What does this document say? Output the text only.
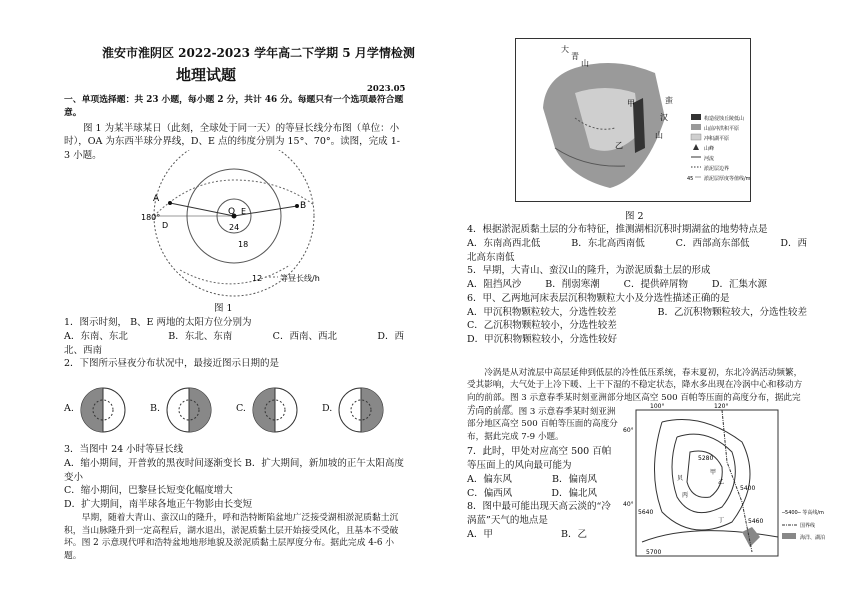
淮安市淮阴区 2022-2023 学年高二下学期 5 月学情检测
地理试题
2023.05

一、单项选择题：共 23 小题，每小题 2 分，共计 46 分。每题只有一个选项最符合题意。

图 1 为某半球某日（此刻，全球处于同一天）的等昼长线分布图（单位：小时），OA 为东西半球分界线，D、E 点的纬度分别为 15°、70°。读图，完成 1-3 小题。

A
B
O E
D
180°
24
18
12 等昼长线/h
图 1

1．图示时刻， B、E 两地的太阳方位分别为

A．东南、东北	B．东北、东南	C．西南、西北	D．西

北、西南

2．下图所示昼夜分布状况中，最接近图示日期的是

A.	B.	C.	D.

3．当图中 24 小时等昼长线

A．缩小期间，开普敦的黑夜时间逐渐变长 B．扩大期间，新加坡的正午太阳高度变小

C．缩小期间，巴黎昼长短变化幅度增大

D．扩大期间，南半球各地正午物影由长变短

早期，随着大青山、蛮汉山的隆升，呼和浩特断陷盆地广泛接受湖相淤泥质黏土沉积，当山脉隆升到一定高程后，湖水退出，淤泥质黏土层开始接受风化，且基本不受破坏。图 2 示意现代呼和浩特盆地地形地貌及淤泥质黏土层厚度分布。据此完成 4-6 小题。

大
青
山
蛮
汉
山
甲
乙
构造侵蚀丘陵低山
山前冲洪积平原
冲积湖平原
山峰
河流
淤泥层边界
45 淤泥层厚度等值线/m
图 2

4．根据淤泥质黏土层的分布特征，推测湖相沉积时期湖盆的地势特点是

A．东南高西北低	B．东北高西南低	C．西部高东部低	D．西

北高东南低

5．早期，大青山、蛮汉山的隆升，为淤泥质黏土层的形成

A．阻挡风沙	B．削弱寒潮	C．提供碎屑物	D．汇集水源

6．甲、乙两地河床表层沉积物颗粒大小及分选性描述正确的是

A．甲沉积物颗粒较大，分选性较差	B．乙沉积物颗粒较大，分选性较差

C．乙沉积物颗粒较小，分选性较差

D．甲沉积物颗粒较小，分选性较好

冷涡是从对流层中高层延伸到低层的冷性低压系统，春末夏初，东北冷涡活动频繁，受其影响，大气处于上冷下暖、上干下湿的不稳定状态，降水多出现在冷涡中心和移动方向的前部。图 3 示意春季某时刻亚洲部分地区高空 500 百帕等压面的高度分布，据此完

方向的前部。图 3 示意春季某时刻亚洲部分地区高空 500 百帕等压面的高度分布，据此完成 7-9 小题。

7．此时，甲处对应高空 500 百帕等压面上的风向最可能为

A．偏东风	B．偏南风
C．偏西风	D．偏北风

8．图中最可能出现天高云淡的“冷涡蓝”天气的地点是

A．甲	B．乙
100°	120°
60°
40°
5280
贝
甲
乙
5400
丙
5640
丁	5460
5700
─5400─ 等高线/m
国界线
海洋、湖泊
